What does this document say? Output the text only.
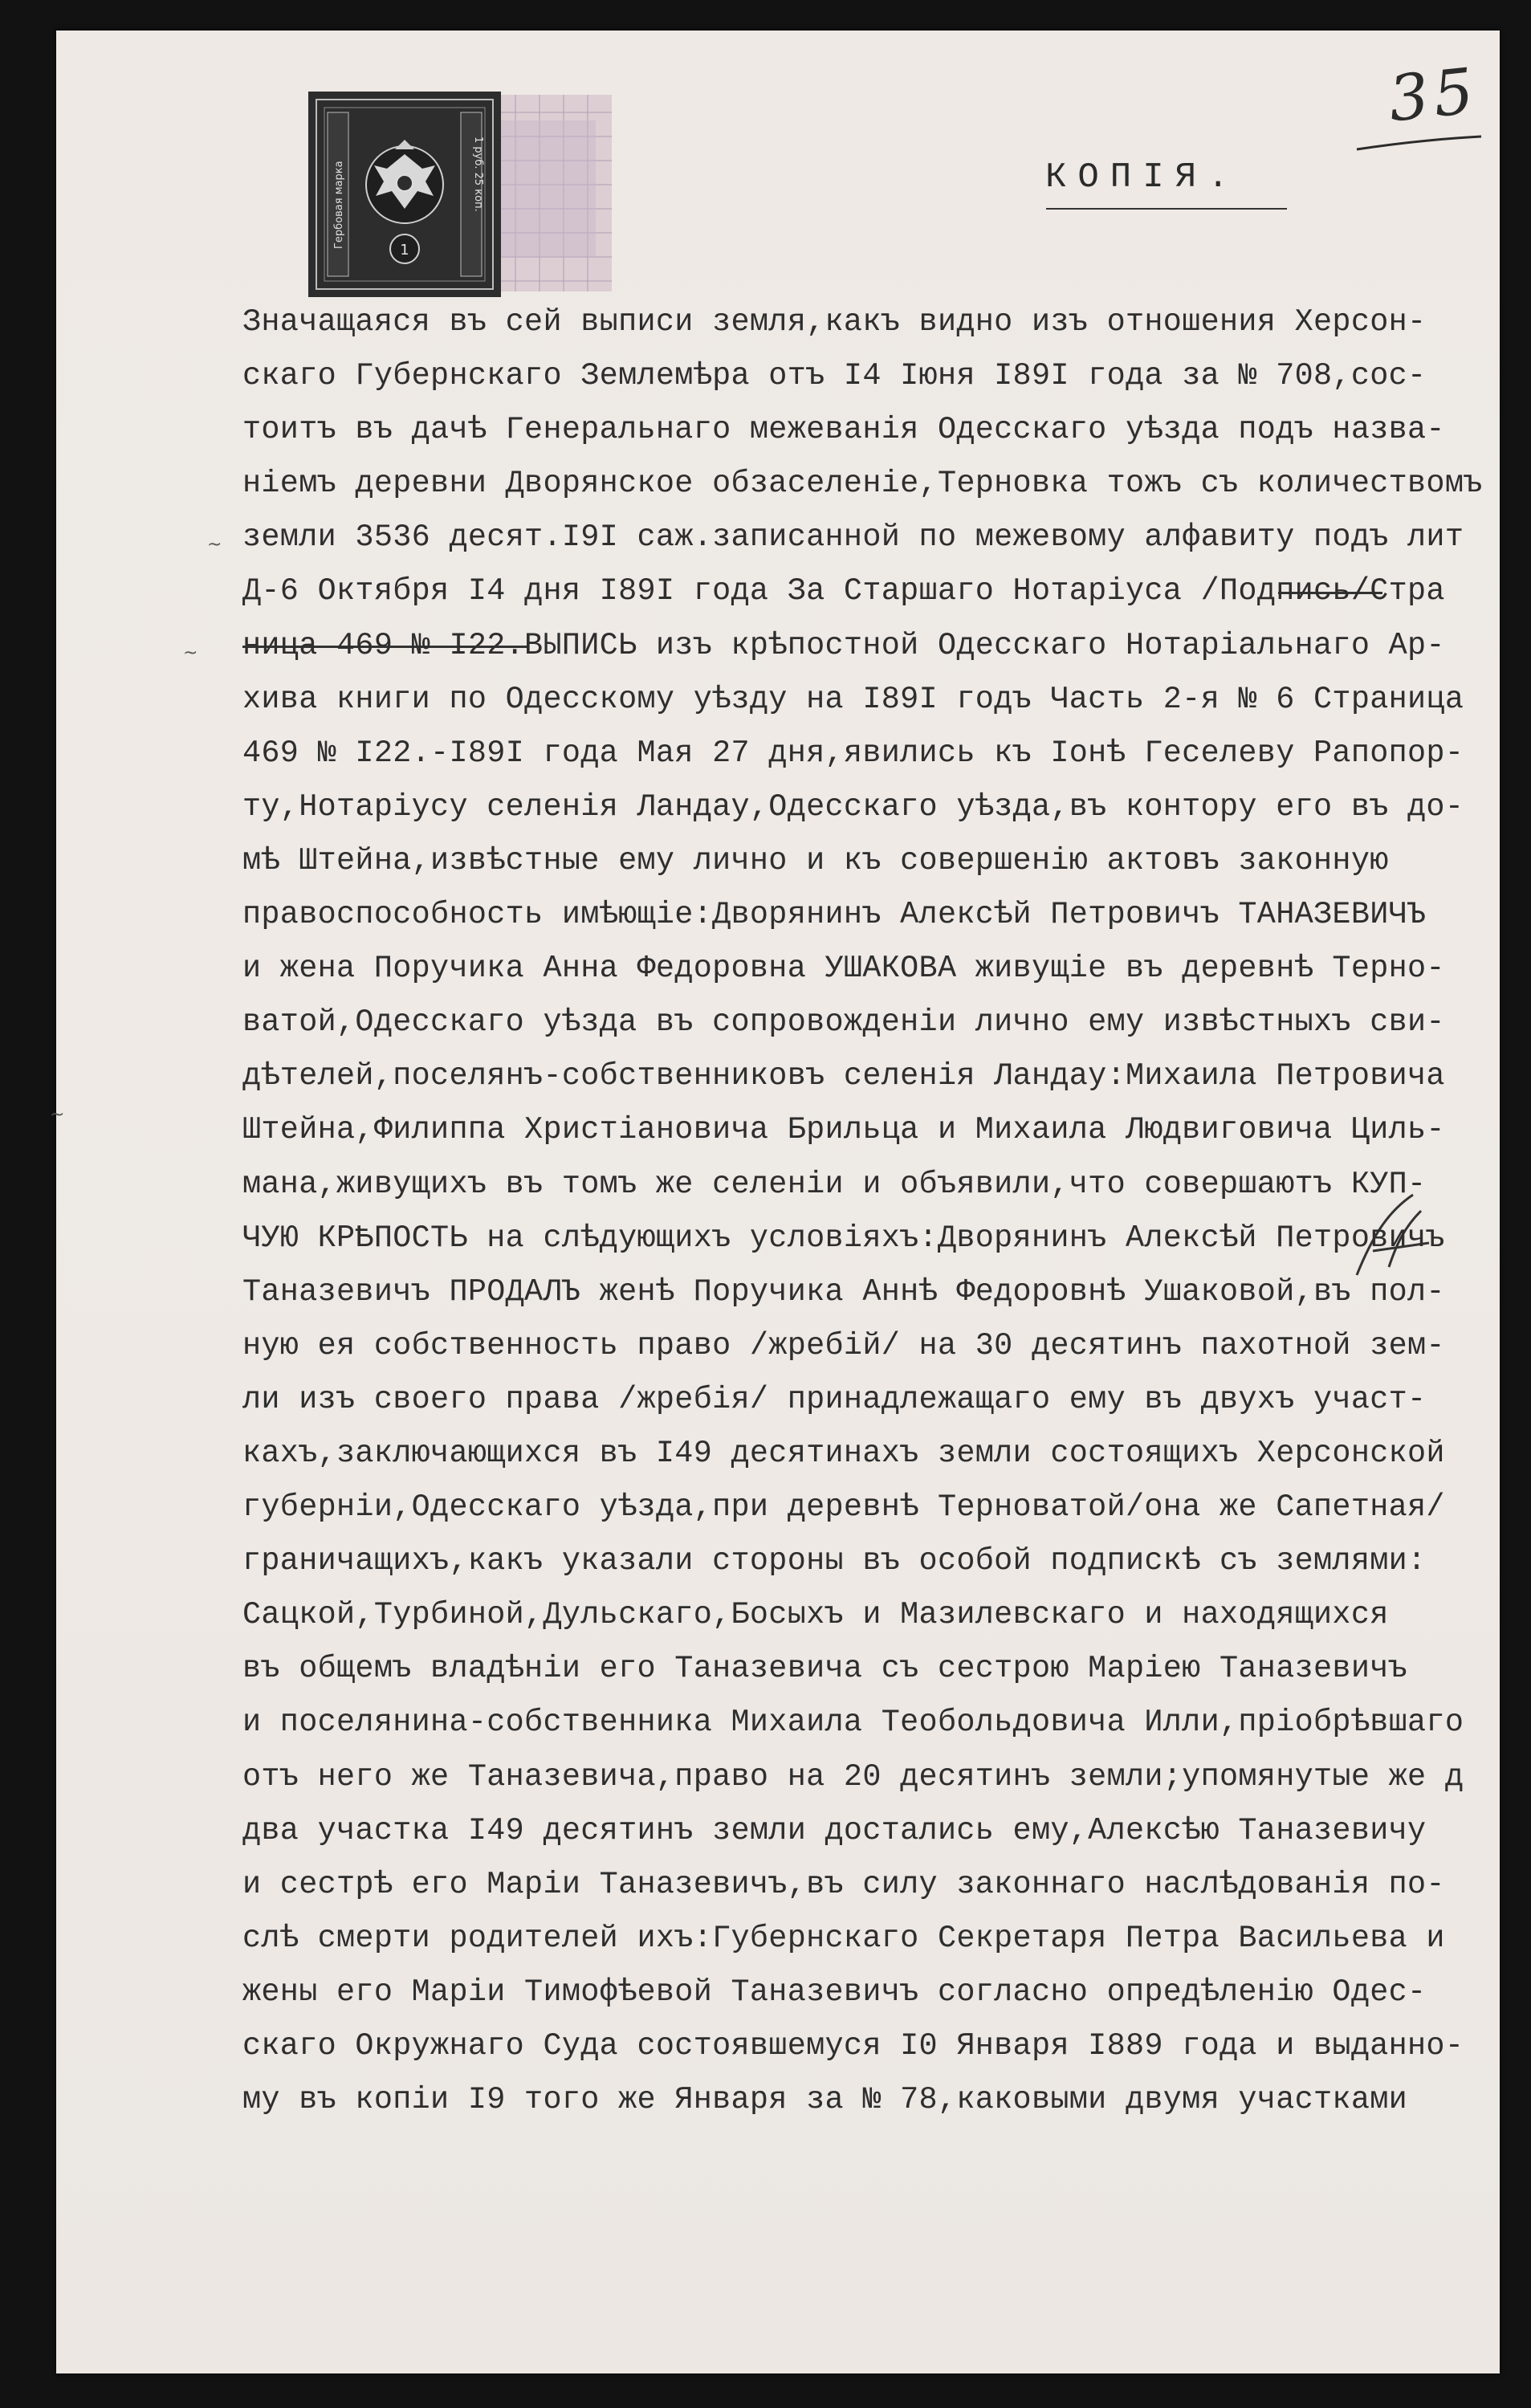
35
КОПІЯ.
1
Гербовая марка	1 руб. 25 коп.
~
~
~
Значащаяся въ сей выписи земля,какъ видно изъ отношения Херсон-
скаго Губернскаго Землемѣра отъ I4 Іюня I89I года за № 708,сос-
тоитъ въ дачѣ Генеральнаго межеванія Одесскаго уѣзда подъ назва-
ніемъ деревни Дворянское обзаселеніе,Терновка тожъ съ количествомъ
земли 3536 десят.I9I саж.записанной по межевому алфавиту подъ лит
Д-6 Октября I4 дня I89I года За Старшаго Нотаріуса /Подпись/Стра
ница 469 № I22.ВЫПИСЬ изъ крѣпостной Одесскаго Нотаріальнаго Ар-
хива книги по Одесскому уѣзду на I89I годъ Часть 2-я № 6 Страница
469 № I22.-I89I года Мая 27 дня,явились къ Іонѣ Геселеву Рапопор-
ту,Нотаріусу селенія Ландау,Одесскаго уѣзда,въ контору его въ до-
мѣ Штейна,извѣстные ему лично и къ совершенію актовъ законную
правоспособность имѣющіе:Дворянинъ Алексѣй Петровичъ ТАНАЗЕВИЧЪ
и жена Поручика Анна Федоровна УШАКОВА живущіе въ деревнѣ Терно-
ватой,Одесскаго уѣзда въ сопровожденіи лично ему извѣстныхъ сви-
дѣтелей,поселянъ-собственниковъ селенія Ландау:Михаила Петровича
Штейна,Филиппа Христіановича Брильца и Михаила Людвиговича Циль-
мана,живущихъ въ томъ же селеніи и объявили,что совершаютъ КУП-
ЧУЮ КРѢПОСТЬ на слѣдующихъ условіяхъ:Дворянинъ Алексѣй Петровичъ
Танaзевичъ ПРОДАЛЪ женѣ Поручика Аннѣ Федоровнѣ Ушаковой,въ пол-
ную ея собственность право /жребій/ на 30 десятинъ пахотной зем-
ли изъ своего права /жребія/ принадлежащаго ему въ двухъ участ-
кахъ,заключающихся въ I49 десятинахъ земли состоящихъ Херсонской
губерніи,Одесскаго уѣзда,при деревнѣ Терноватой/она же Сапетная/
граничащихъ,какъ указали стороны въ особой подпискѣ съ землями:
Сацкой,Турбиной,Дульскаго,Босыхъ и Мазилевскаго и находящихся
въ общемъ владѣніи его Танaзевича съ сестрою Маріею Танaзевичъ
и поселянина-собственника Михаила Теобольдовича Илли,пріобрѣвшаго
отъ него же Танaзевича,право на 20 десятинъ земли;упомянутые же д
два участка I49 десятинъ земли достались ему,Алексѣю Танaзевичу
и сестрѣ его Маріи Танaзевичъ,въ силу законнаго наслѣдованія по-
слѣ смерти родителей ихъ:Губернскаго Секретаря Петра Васильева и
жены его Маріи Тимофѣевой Танaзевичъ согласно опредѣленію Одес-
скаго Окружнаго Суда состоявшемуся I0 Января I889 года и выданно-
му въ копіи I9 того же Января за № 78,каковыми двумя участками
